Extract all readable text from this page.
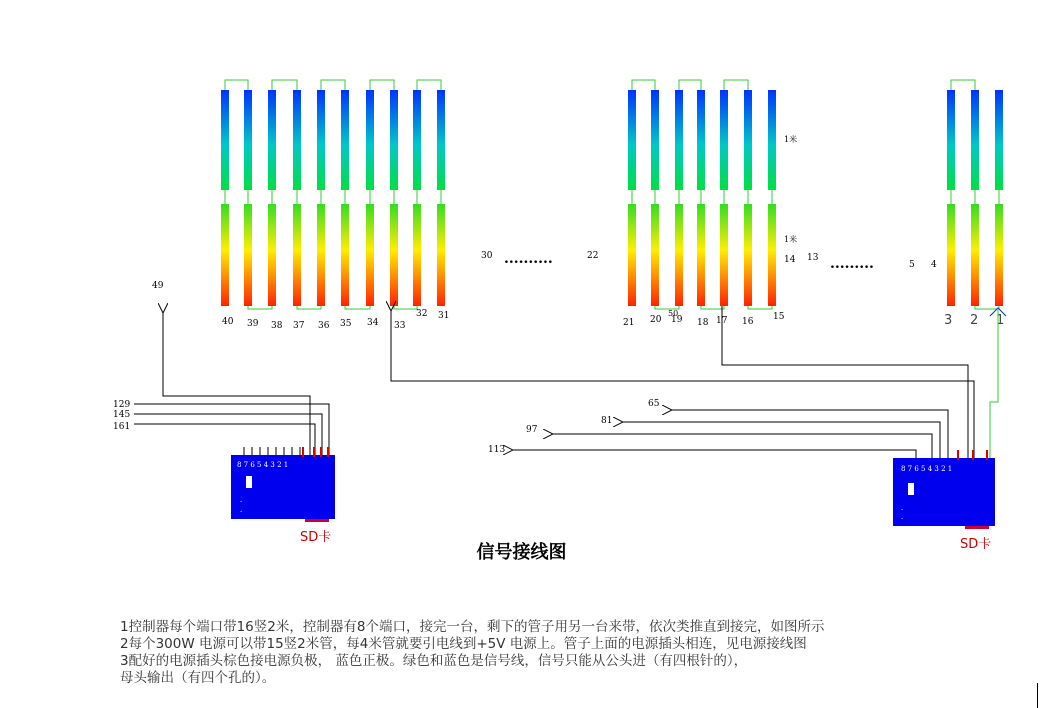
40 39 38 37 36 35 34 33
32 31
21 20 19 18 17 16 15
50	3 2 1
30 ..........	22	13 .........	5 4
14
49
1米
1米
129
145
161
65
81
97
113
8 7 6 5 4 3 2 1
.
.
SD卡
8 7 6 5 4 3 2 1
.
.
SD卡
信号接线图
1控制器每个端口带16竖2米，控制器有8个端口，接完一台，剩下的管子用另一台来带，依次类推直到接完，如图所示
2每个300W 电源可以带15竖2米管，每4米管就要引电线到+5V 电源上。管子上面的电源插头相连，见电源接线图
3配好的电源插头棕色接电源负极， 蓝色正极。绿色和蓝色是信号线，信号只能从公头进（有四根针的），
母头输出（有四个孔的）。
